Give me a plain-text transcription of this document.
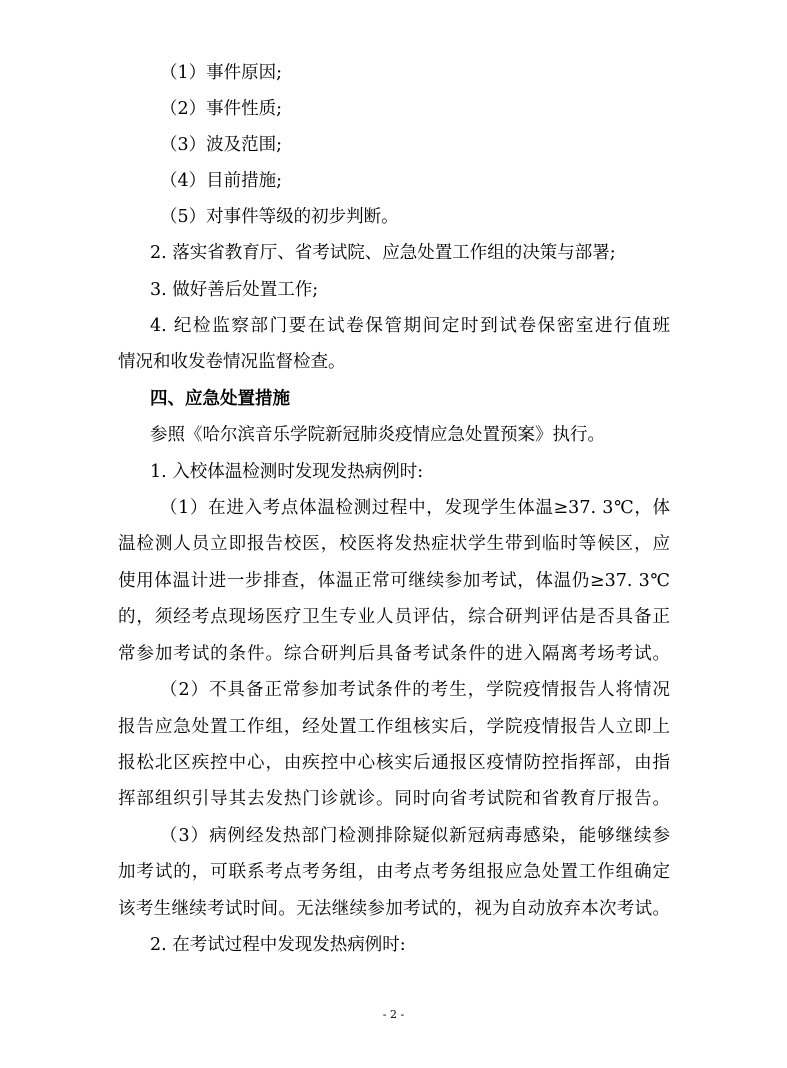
（1）事件原因;
（2）事件性质;
（3）波及范围;
（4）目前措施;
（5）对事件等级的初步判断。
2. 落实省教育厅、省考试院、应急处置工作组的决策与部署;
3. 做好善后处置工作;
4. 纪检监察部门要在试卷保管期间定时到试卷保密室进行值班
情况和收发卷情况监督检查。
四、应急处置措施
参照《哈尔滨音乐学院新冠肺炎疫情应急处置预案》执行。
1. 入校体温检测时发现发热病例时:
（1）在进入考点体温检测过程中，发现学生体温≥37. 3℃，体
温检测人员立即报告校医，校医将发热症状学生带到临时等候区，应
使用体温计进一步排查，体温正常可继续参加考试，体温仍≥37. 3℃
的，须经考点现场医疗卫生专业人员评估，综合研判评估是否具备正
常参加考试的条件。综合研判后具备考试条件的进入隔离考场考试。
（2）不具备正常参加考试条件的考生，学院疫情报告人将情况
报告应急处置工作组，经处置工作组核实后，学院疫情报告人立即上
报松北区疾控中心，由疾控中心核实后通报区疫情防控指挥部，由指
挥部组织引导其去发热门诊就诊。同时向省考试院和省教育厅报告。
（3）病例经发热部门检测排除疑似新冠病毒感染，能够继续参
加考试的，可联系考点考务组，由考点考务组报应急处置工作组确定
该考生继续考试时间。无法继续参加考试的，视为自动放弃本次考试。
2. 在考试过程中发现发热病例时:
- 2 -
